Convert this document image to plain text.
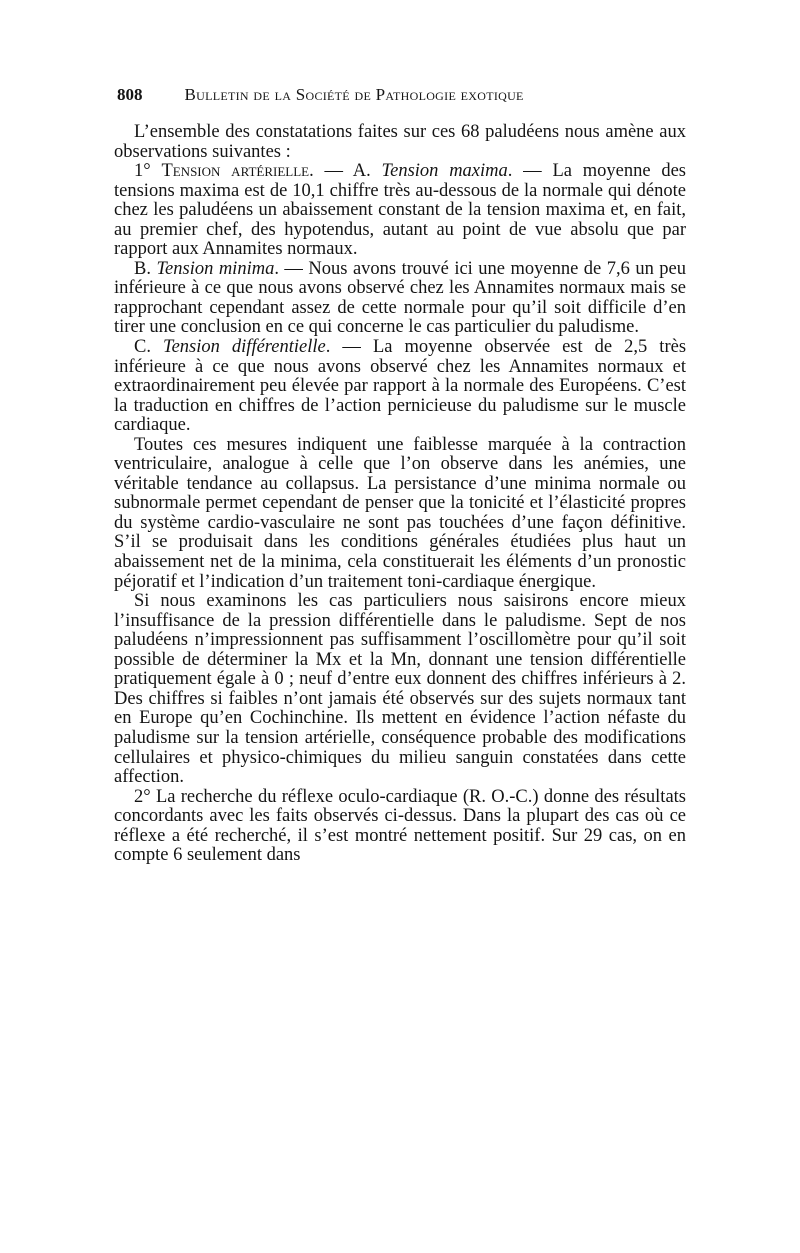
808 Bulletin de la Société de Pathologie exotique

L’ensemble des constatations faites sur ces 68 paludéens nous amène aux observations suivantes :

1° Tension artérielle. — A. Tension maxima. — La moyenne des tensions maxima est de 10,1 chiffre très au-dessous de la normale qui dénote chez les paludéens un abaissement constant de la tension maxima et, en fait, au premier chef, des hypotendus, autant au point de vue absolu que par rapport aux Annamites normaux.

B. Tension minima. — Nous avons trouvé ici une moyenne de 7,6 un peu inférieure à ce que nous avons observé chez les Annamites normaux mais se rapprochant cependant assez de cette normale pour qu’il soit difficile d’en tirer une conclusion en ce qui concerne le cas particulier du paludisme.

C. Tension différentielle. — La moyenne observée est de 2,5 très inférieure à ce que nous avons observé chez les Annamites normaux et extraordinairement peu élevée par rapport à la normale des Européens. C’est la traduction en chiffres de l’action pernicieuse du paludisme sur le muscle cardiaque.

Toutes ces mesures indiquent une faiblesse marquée à la contraction ventriculaire, analogue à celle que l’on observe dans les anémies, une véritable tendance au collapsus. La persistance d’une minima normale ou subnormale permet cependant de penser que la tonicité et l’élasticité propres du système cardio-vasculaire ne sont pas touchées d’une façon définitive. S’il se produisait dans les conditions générales étudiées plus haut un abaissement net de la minima, cela constituerait les éléments d’un pronostic péjoratif et l’indication d’un traitement toni-cardiaque énergique.

Si nous examinons les cas particuliers nous saisirons encore mieux l’insuffisance de la pression différentielle dans le paludisme. Sept de nos paludéens n’impressionnent pas suffisamment l’oscillomètre pour qu’il soit possible de déterminer la Mx et la Mn, donnant une tension différentielle pratiquement égale à 0 ; neuf d’entre eux donnent des chiffres inférieurs à 2. Des chiffres si faibles n’ont jamais été observés sur des sujets normaux tant en Europe qu’en Cochinchine. Ils mettent en évidence l’action néfaste du paludisme sur la tension artérielle, conséquence probable des modifications cellulaires et physico-chimiques du milieu sanguin constatées dans cette affection.

2° La recherche du réflexe oculo-cardiaque (R. O.-C.) donne des résultats concordants avec les faits observés ci-dessus. Dans la plupart des cas où ce réflexe a été recherché, il s’est montré nettement positif. Sur 29 cas, on en compte 6 seulement dans
